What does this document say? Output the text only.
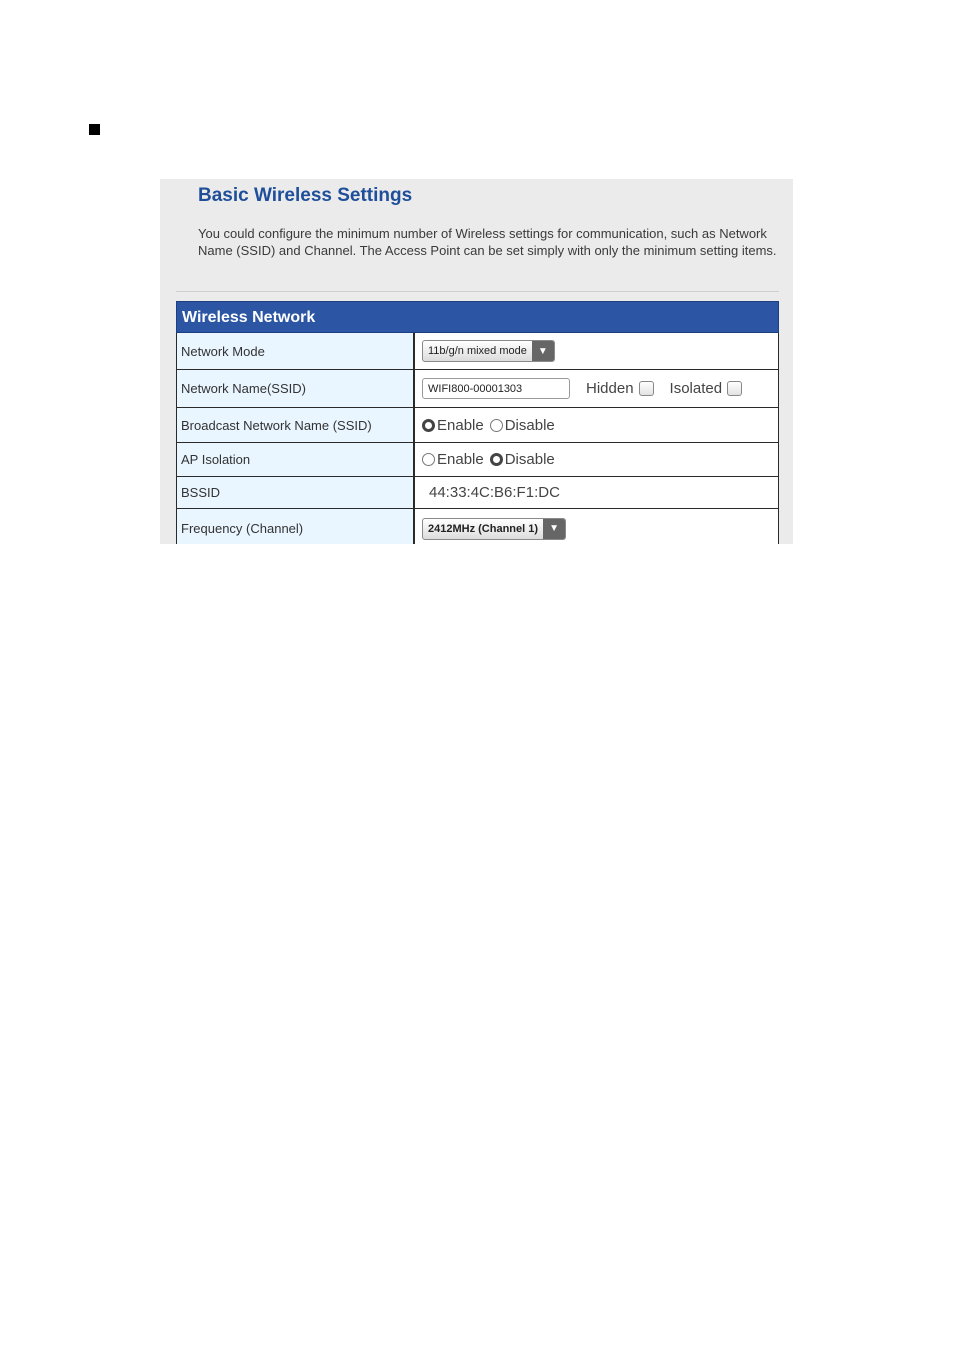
Basic Wireless Settings
You could configure the minimum number of Wireless settings for communication, such as Network Name (SSID) and Channel. The Access Point can be set simply with only the minimum setting items.
Wireless Network
Network Mode	11b/g/n mixed mode	▼
Network Name(SSID)	WIFI800-00001303	Hidden Isolated
Broadcast Network Name (SSID)	Enable Disable
AP Isolation	Enable Disable
BSSID	44:33:4C:B6:F1:DC
Frequency (Channel)	2412MHz (Channel 1)	▼
